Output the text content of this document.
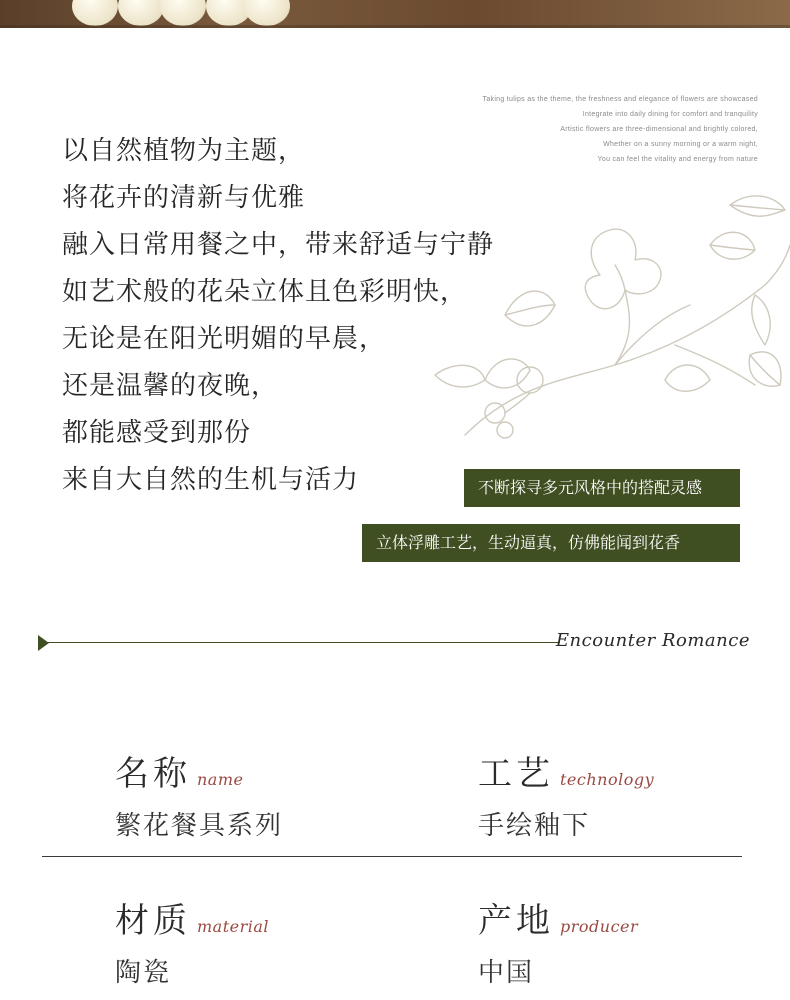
Taking tulips as the theme, the freshness and elegance of flowers are showcased
Integrate into daily dining for comfort and tranquility
Artistic flowers are three-dimensional and brightly colored,
Whether on a sunny morning or a warm night,
You can feel the vitality and energy from nature
以自然植物为主题，
将花卉的清新与优雅
融入日常用餐之中，带来舒适与宁静
如艺术般的花朵立体且色彩明快，
无论是在阳光明媚的早晨，
还是温馨的夜晚，
都能感受到那份
来自大自然的生机与活力	不断探寻多元风格中的搭配灵感
立体浮雕工艺，生动逼真，仿佛能闻到花香
Encounter Romance
名称 name
繁花餐具系列
工艺 technology
手绘釉下
材质 material
陶瓷
产地 producer
中国
